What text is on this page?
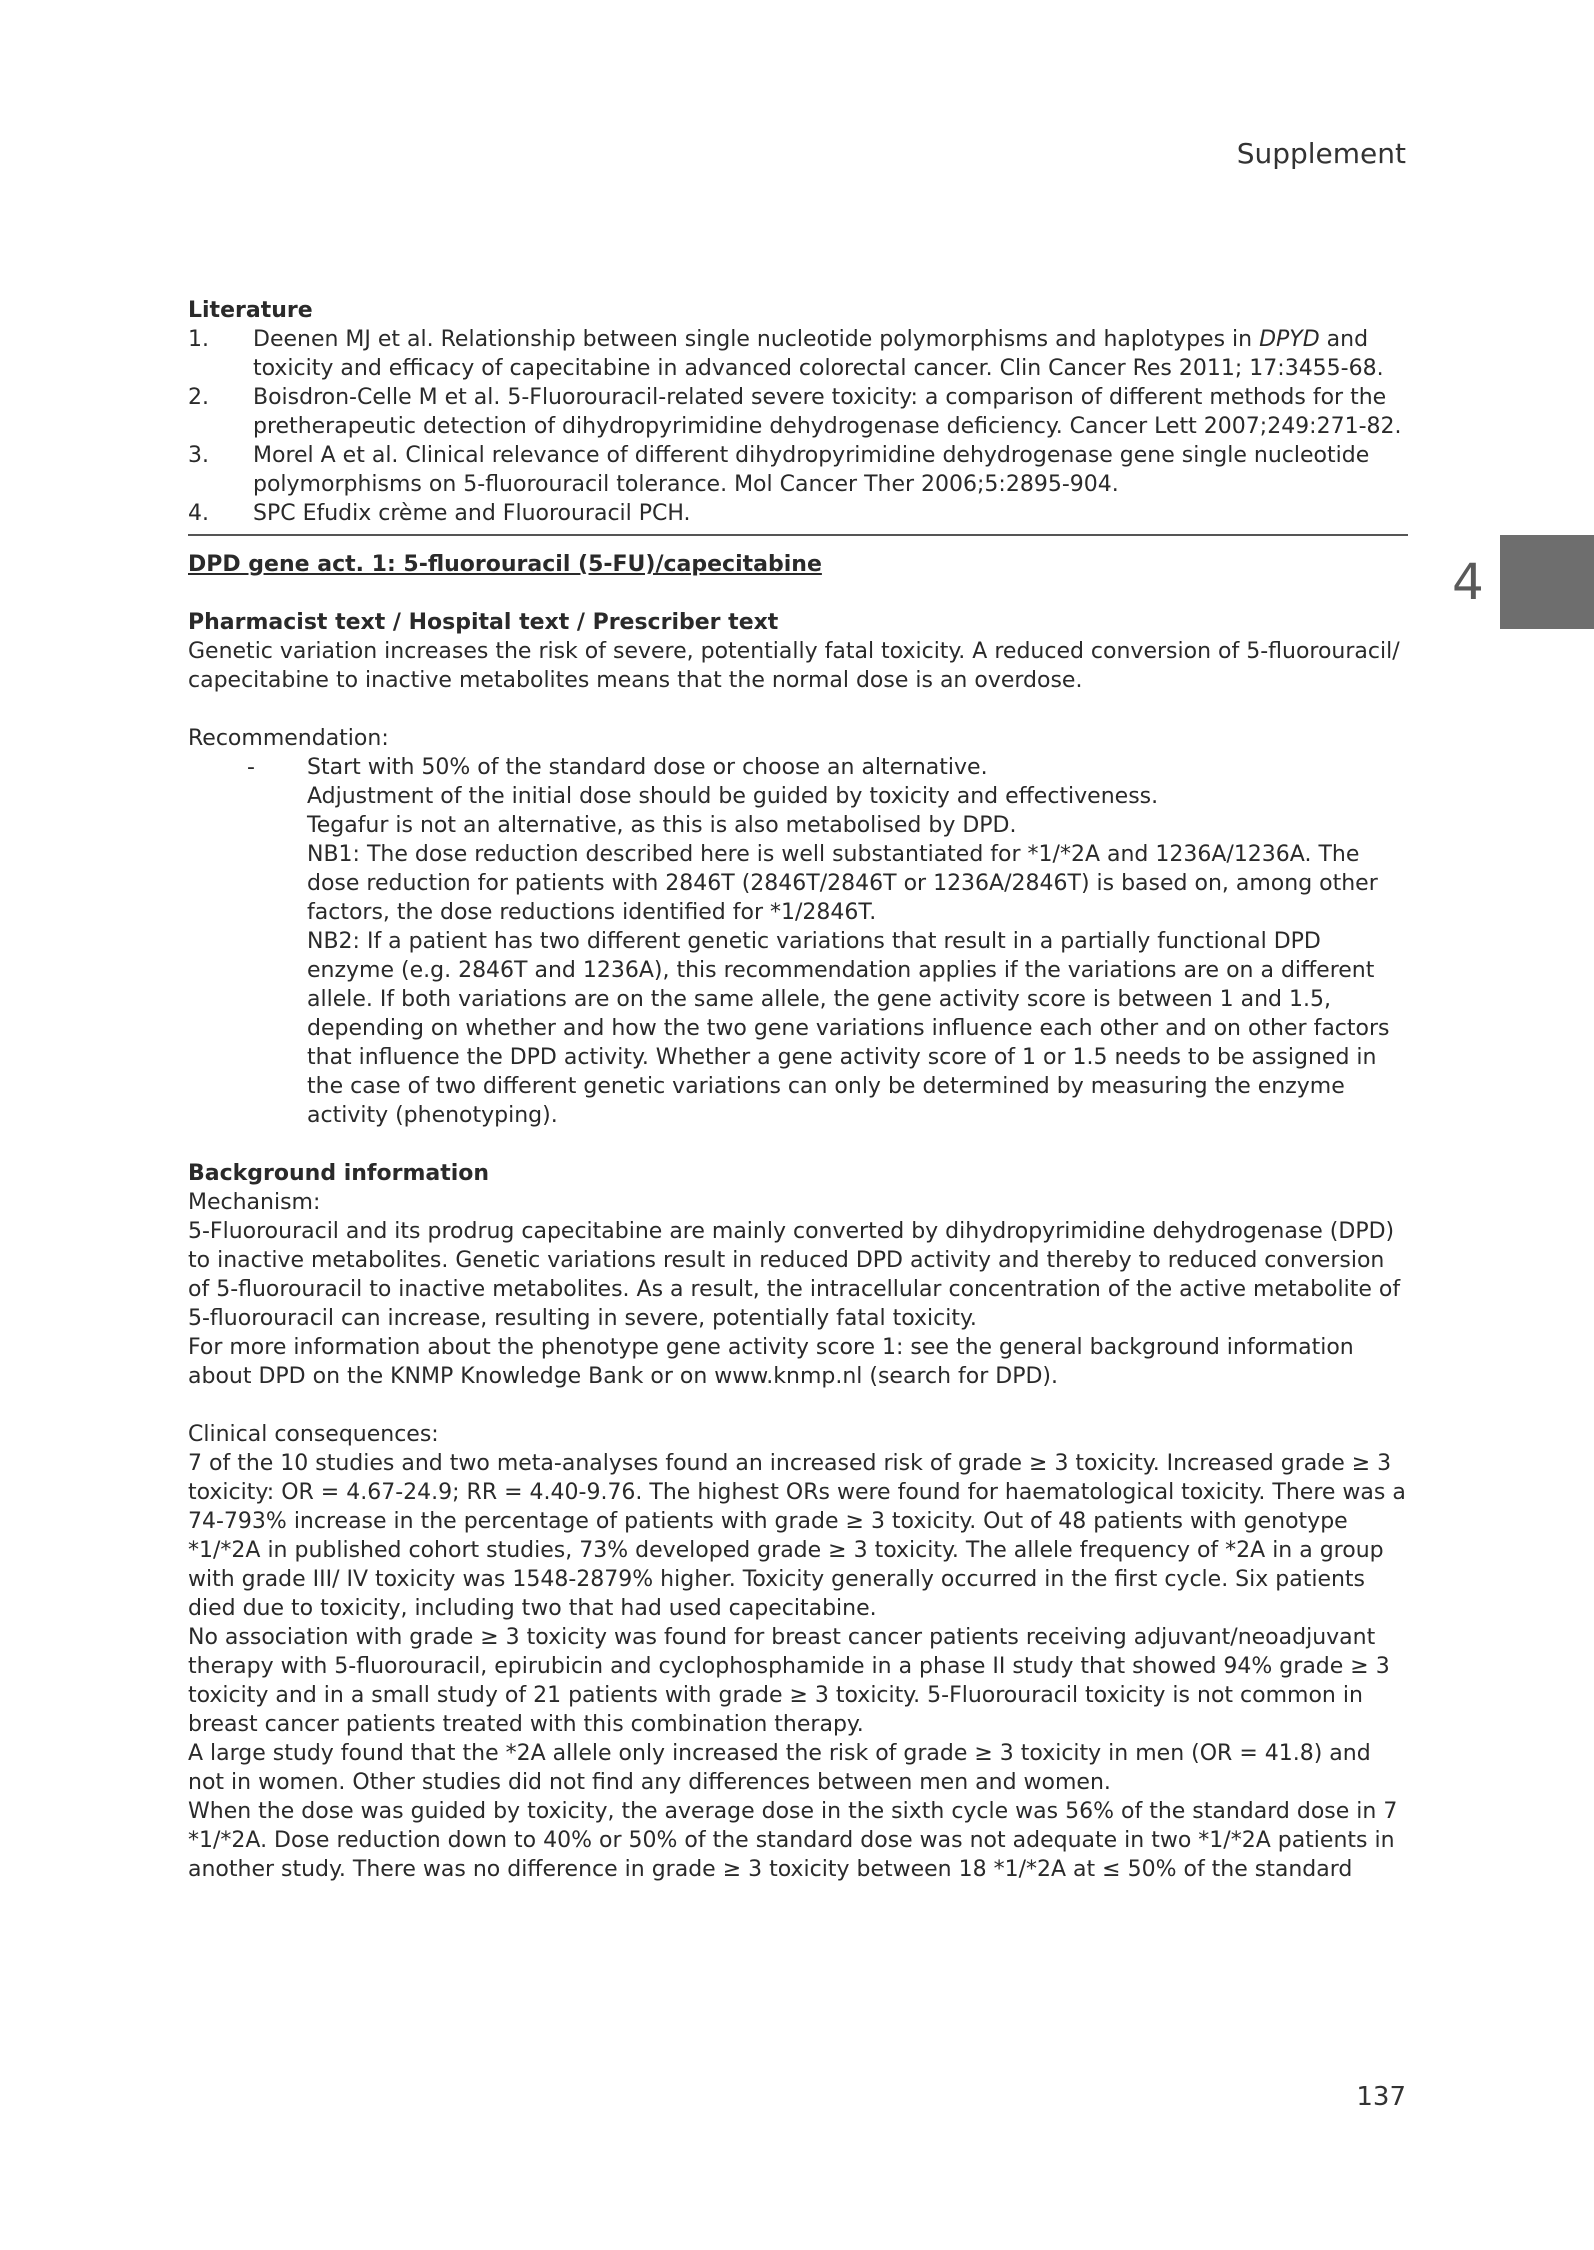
Supplement
4

Literature

1.	Deenen MJ et al. Relationship between single nucleotide polymorphisms and haplotypes in DPYD and toxicity and efficacy of capecitabine in advanced colorectal cancer. Clin Cancer Res 2011; 17:3455-68.
2.	Boisdron-Celle M et al. 5-Fluorouracil-related severe toxicity: a comparison of different methods for the pretherapeutic detection of dihydropyrimidine dehydrogenase deficiency. Cancer Lett 2007;249:271-82.
3.	Morel A et al. Clinical relevance of different dihydropyrimidine dehydrogenase gene single nucleotide polymorphisms on 5-fluorouracil tolerance. Mol Cancer Ther 2006;5:2895-904.
4.	SPC Efudix crème and Fluorouracil PCH.

DPD gene act. 1: 5-fluorouracil (5-FU)/capecitabine

Pharmacist text / Hospital text / Prescriber text

Genetic variation increases the risk of severe, potentially fatal toxicity. A reduced conversion of 5-fluorouracil/ capecitabine to inactive metabolites means that the normal dose is an overdose.

Recommendation:

-	Start with 50% of the standard dose or choose an alternative.

Adjustment of the initial dose should be guided by toxicity and effectiveness.

Tegafur is not an alternative, as this is also metabolised by DPD.

NB1: The dose reduction described here is well substantiated for *1/*2A and 1236A/1236A. The dose reduction for patients with 2846T (2846T/2846T or 1236A/2846T) is based on, among other factors, the dose reductions identified for *1/2846T.

NB2: If a patient has two different genetic variations that result in a partially functional DPD enzyme (e.g. 2846T and 1236A), this recommendation applies if the variations are on a different allele. If both variations are on the same allele, the gene activity score is between 1 and 1.5, depending on whether and how the two gene variations influence each other and on other factors that influence the DPD activity. Whether a gene activity score of 1 or 1.5 needs to be assigned in the case of two different genetic variations can only be determined by measuring the enzyme activity (phenotyping).

Background information

Mechanism:

5-Fluorouracil and its prodrug capecitabine are mainly converted by dihydropyrimidine dehydrogenase (DPD) to inactive metabolites. Genetic variations result in reduced DPD activity and thereby to reduced conversion of 5-fluorouracil to inactive metabolites. As a result, the intracellular concentration of the active metabolite of 5-fluorouracil can increase, resulting in severe, potentially fatal toxicity.

For more information about the phenotype gene activity score 1: see the general background information about DPD on the KNMP Knowledge Bank or on www.knmp.nl (search for DPD).

Clinical consequences:

7 of the 10 studies and two meta-analyses found an increased risk of grade ≥ 3 toxicity. Increased grade ≥ 3 toxicity: OR = 4.67-24.9; RR = 4.40-9.76. The highest ORs were found for haematological toxicity. There was a 74-793% increase in the percentage of patients with grade ≥ 3 toxicity. Out of 48 patients with genotype *1/*2A in published cohort studies, 73% developed grade ≥ 3 toxicity. The allele frequency of *2A in a group with grade III/ IV toxicity was 1548-2879% higher. Toxicity generally occurred in the first cycle. Six patients died due to toxicity, including two that had used capecitabine.

No association with grade ≥ 3 toxicity was found for breast cancer patients receiving adjuvant/neoadjuvant therapy with 5-fluorouracil, epirubicin and cyclophosphamide in a phase II study that showed 94% grade ≥ 3 toxicity and in a small study of 21 patients with grade ≥ 3 toxicity. 5-Fluorouracil toxicity is not common in breast cancer patients treated with this combination therapy.

A large study found that the *2A allele only increased the risk of grade ≥ 3 toxicity in men (OR = 41.8) and not in women. Other studies did not find any differences between men and women.

When the dose was guided by toxicity, the average dose in the sixth cycle was 56% of the standard dose in 7 *1/*2A. Dose reduction down to 40% or 50% of the standard dose was not adequate in two *1/*2A patients in another study. There was no difference in grade ≥ 3 toxicity between 18 *1/*2A at ≤ 50% of the standard

137
